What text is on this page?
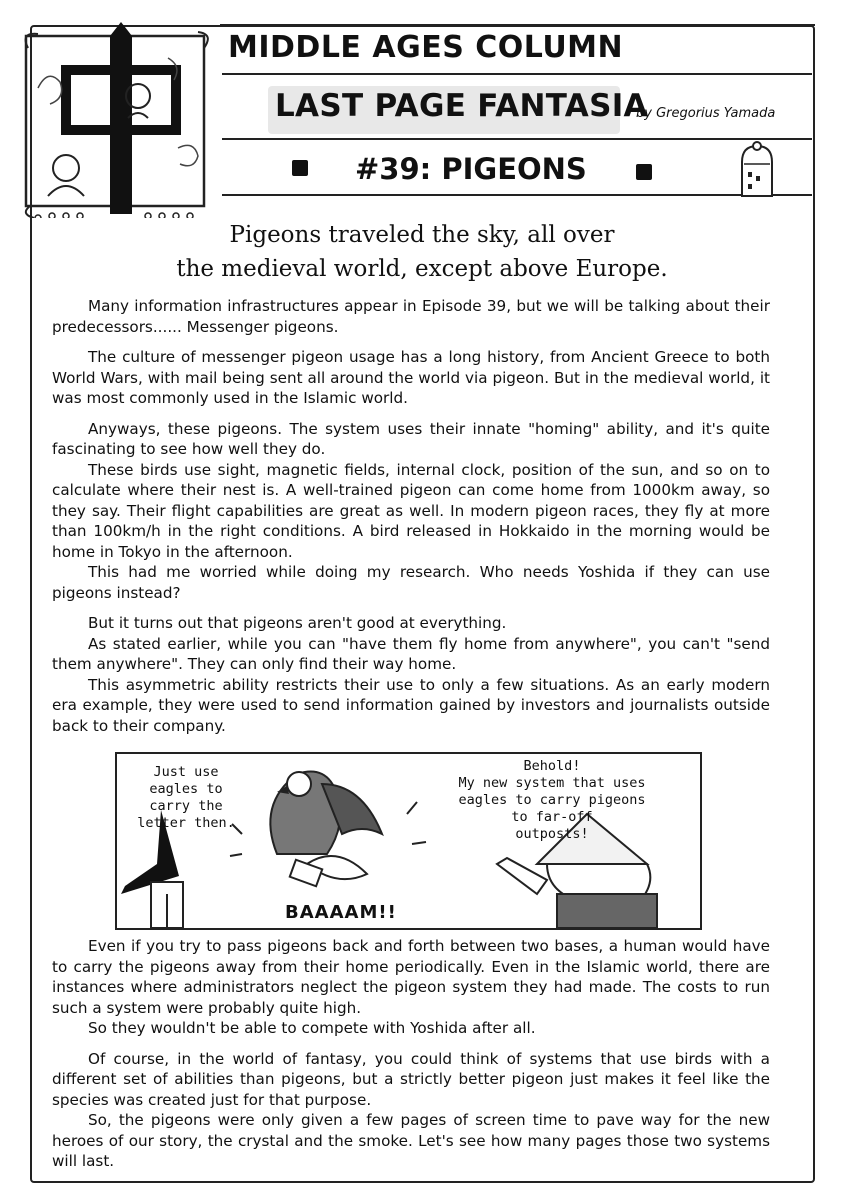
MIDDLE AGES COLUMN
LAST PAGE FANTASIA
by Gregorius Yamada
#39: PIGEONS
Pigeons traveled the sky, all over
the medieval world, except above Europe.

Many information infrastructures appear in Episode 39, but we will be talking about their predecessors...... Messenger pigeons.

The culture of messenger pigeon usage has a long history, from Ancient Greece to both World Wars, with mail being sent all around the world via pigeon. But in the medieval world, it was most commonly used in the Islamic world.

Anyways, these pigeons. The system uses their innate "homing" ability, and it's quite fascinating to see how well they do.

These birds use sight, magnetic fields, internal clock, position of the sun, and so on to calculate where their nest is. A well-trained pigeon can come home from 1000km away, so they say. Their flight capabilities are great as well. In modern pigeon races, they fly at more than 100km/h in the right conditions. A bird released in Hokkaido in the morning would be home in Tokyo in the afternoon.

This had me worried while doing my research. Who needs Yoshida if they can use pigeons instead?

But it turns out that pigeons aren't good at everything.

As stated earlier, while you can "have them fly home from anywhere", you can't "send them anywhere". They can only find their way home.

This asymmetric ability restricts their use to only a few situations. As an early modern era example, they were used to send information gained by investors and journalists outside back to their company.

Just use
eagles to
carry the
letter then.
Behold!
My new system that uses
eagles to carry pigeons
to far-off
outposts!
BAAAAM!!

Even if you try to pass pigeons back and forth between two bases, a human would have to carry the pigeons away from their home periodically. Even in the Islamic world, there are instances where administrators neglect the pigeon system they had made. The costs to run such a system were probably quite high.

So they wouldn't be able to compete with Yoshida after all.

Of course, in the world of fantasy, you could think of systems that use birds with a different set of abilities than pigeons, but a strictly better pigeon just makes it feel like the species was created just for that purpose.

So, the pigeons were only given a few pages of screen time to pave way for the new heroes of our story, the crystal and the smoke. Let's see how many pages those two systems will last.
